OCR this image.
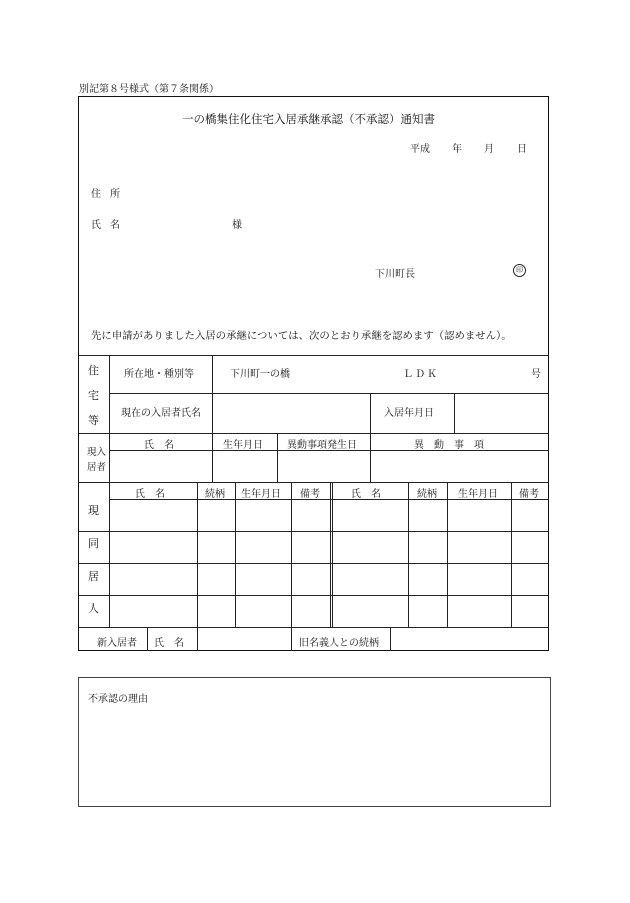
別記第８号様式（第７条関係）
一の橋集住化住宅入居承継承認（不承認）通知書
平成 年 月 日
住所
氏名	様
下川町長	印
先に申請がありました入居の承継については、次のとおり承継を認めます（認めません）。
住
宅
等
所在地・種別等	下川町一の橋	ＬＤＫ	号
現在の入居者氏名	入居年月日
現入
居者
氏　名	生年月日 異動事項発生日	異　動　事　項
現
同
居
人
氏　名	続柄 生年月日 備考	氏　名	続柄 生年月日 備考
新入居者 氏　名	旧名義人との続柄
不承認の理由
